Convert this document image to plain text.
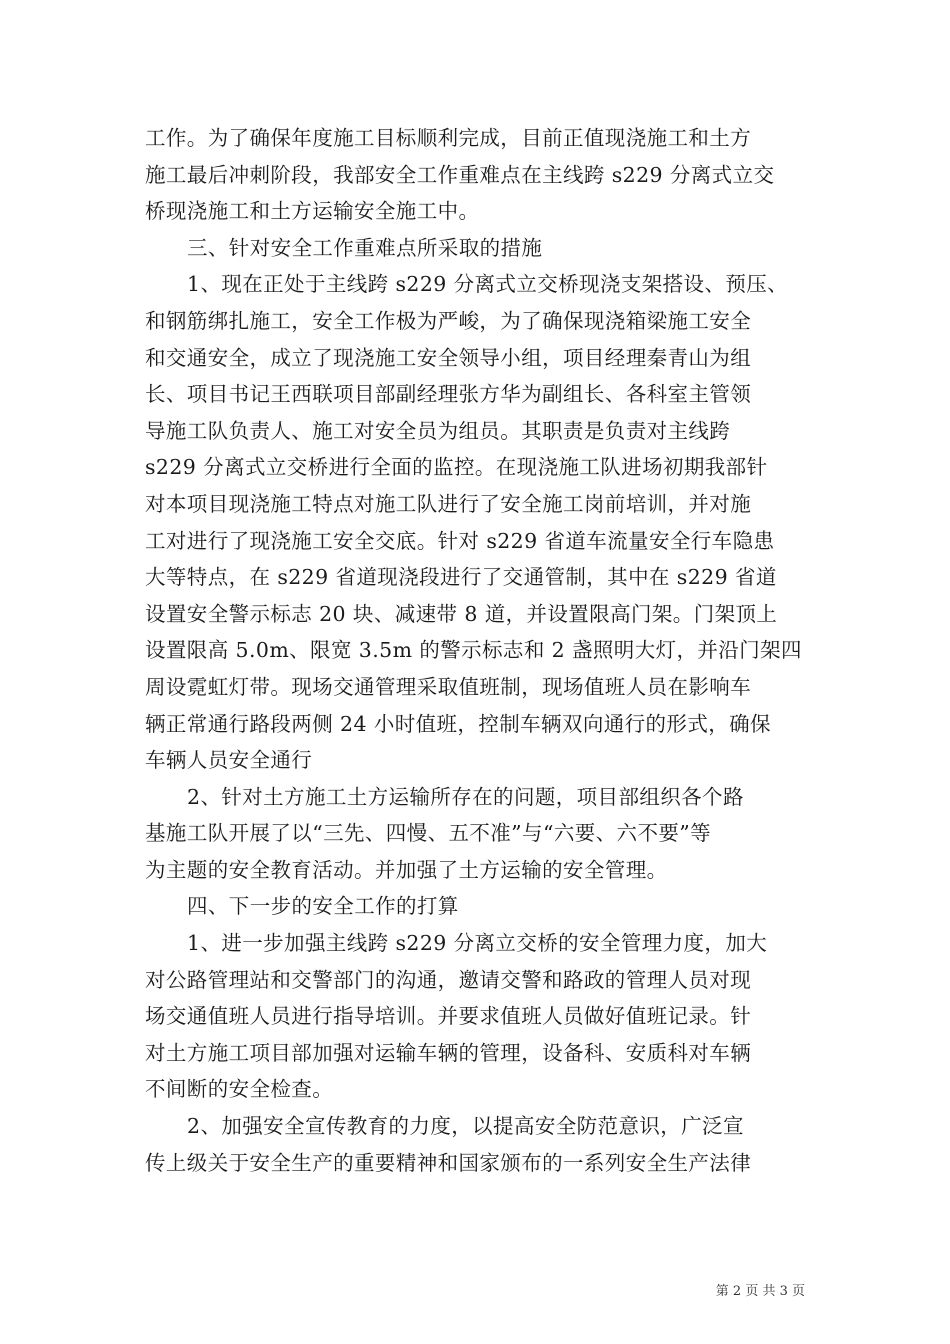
工作。为了确保年度施工目标顺利完成，目前正值现浇施工和土方
施工最后冲刺阶段，我部安全工作重难点在主线跨 s229 分离式立交
桥现浇施工和土方运输安全施工中。
三、针对安全工作重难点所采取的措施
1、现在正处于主线跨 s229 分离式立交桥现浇支架搭设、预压、
和钢筋绑扎施工，安全工作极为严峻，为了确保现浇箱梁施工安全
和交通安全，成立了现浇施工安全领导小组，项目经理秦青山为组
长、项目书记王西联项目部副经理张方华为副组长、各科室主管领
导施工队负责人、施工对安全员为组员。其职责是负责对主线跨
s229 分离式立交桥进行全面的监控。在现浇施工队进场初期我部针
对本项目现浇施工特点对施工队进行了安全施工岗前培训，并对施
工对进行了现浇施工安全交底。针对 s229 省道车流量安全行车隐患
大等特点，在 s229 省道现浇段进行了交通管制，其中在 s229 省道
设置安全警示标志 20 块、减速带 8 道，并设置限高门架。门架顶上
设置限高 5.0m、限宽 3.5m 的警示标志和 2 盏照明大灯，并沿门架四
周设霓虹灯带。现场交通管理采取值班制，现场值班人员在影响车
辆正常通行路段两侧 24 小时值班，控制车辆双向通行的形式，确保
车辆人员安全通行
2、针对土方施工土方运输所存在的问题，项目部组织各个路
基施工队开展了以“三先、四慢、五不准”与“六要、六不要”等
为主题的安全教育活动。并加强了土方运输的安全管理。
四、下一步的安全工作的打算
1、进一步加强主线跨 s229 分离立交桥的安全管理力度，加大
对公路管理站和交警部门的沟通，邀请交警和路政的管理人员对现
场交通值班人员进行指导培训。并要求值班人员做好值班记录。针
对土方施工项目部加强对运输车辆的管理，设备科、安质科对车辆
不间断的安全检查。
2、加强安全宣传教育的力度，以提高安全防范意识，广泛宣
传上级关于安全生产的重要精神和国家颁布的一系列安全生产法律
第 2 页 共 3 页
